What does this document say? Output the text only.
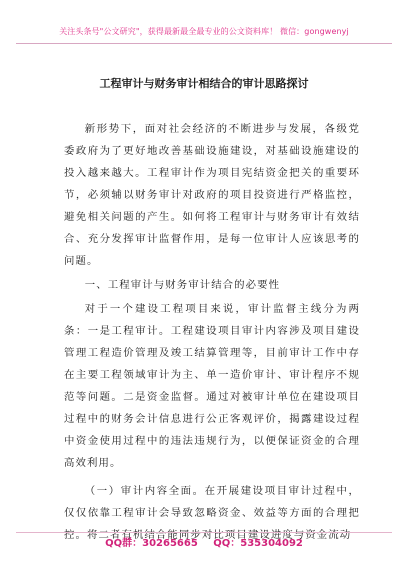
关注头条号"公文研究"，获得最新最全最专业的公文资料库！ 微信：gongwenyj
工程审计与财务审计相结合的审计思路探讨

新形势下，面对社会经济的不断进步与发展，各级党委政府为了更好地改善基础设施建设，对基础设施建设的投入越来越大。工程审计作为项目宪结资金把关的重要环节，必须辅以财务审计对政府的项目投资进行严格监控，避免相关问题的产生。如何将工程审计与财务审计有效结合、充分发挥审计监督作用，是每一位审计人应该思考的问题。

一、工程审计与财务审计结合的必要性

对于一个建设工程项目来说，审计监督主线分为两条：一是工程审计。工程建设项目审计内容涉及项目建设管理工程造价管理及竣工结算管理等，目前审计工作中存在主要工程领域审计为主、单一造价审计、审计程序不规范等问题。二是资金监督。通过对被审计单位在建设项目过程中的财务会计信息进行公正客观评价，揭露建设过程中资金使用过程中的违法违规行为，以便保证资金的合理高效利用。

（一）审计内容全面。在开展建设项目审计过程中，仅仅依靠工程审计会导致忽略资金、效益等方面的合理把控。将二者有机结合能同步对比项目建设进度与资金流动

QQ群：30265665 QQ：535304092
